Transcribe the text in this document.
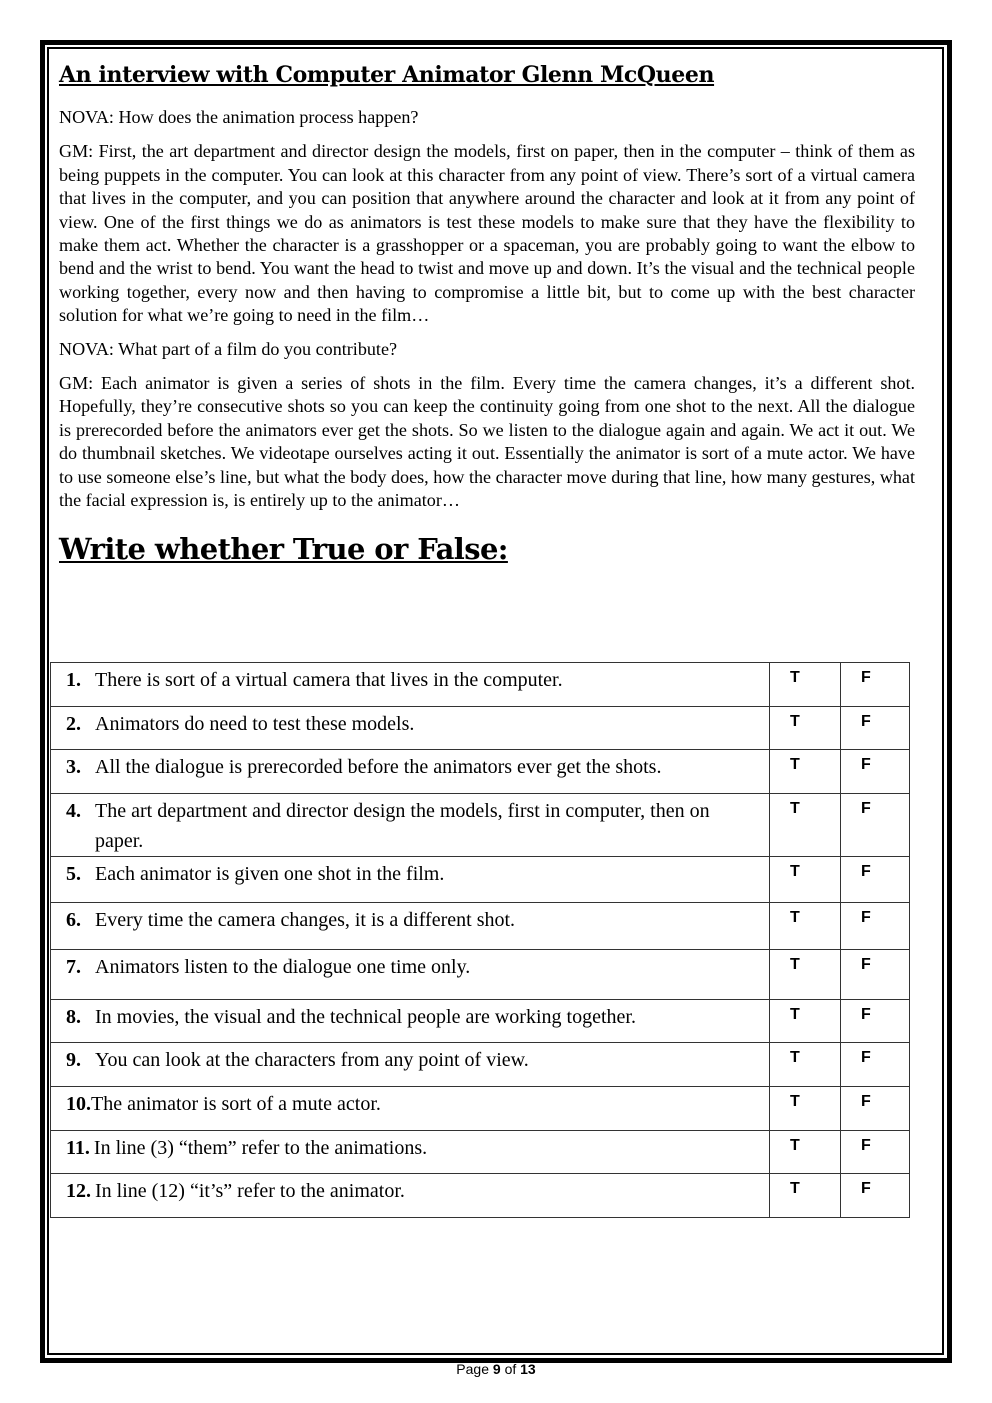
An interview with Computer Animator Glenn McQueen

NOVA: How does the animation process happen?

GM: First, the art department and director design the models, first on paper, then in the computer – think of them as being puppets in the computer. You can look at this character from any point of view. There’s sort of a virtual camera that lives in the computer, and you can position that anywhere around the character and look at it from any point of view. One of the first things we do as animators is test these models to make sure that they have the flexibility to make them act. Whether the character is a grasshopper or a spaceman, you are probably going to want the elbow to bend and the wrist to bend. You want the head to twist and move up and down. It’s the visual and the technical people working together, every now and then having to compromise a little bit, but to come up with the best character solution for what we’re going to need in the film…

NOVA: What part of a film do you contribute?

GM: Each animator is given a series of shots in the film. Every time the camera changes, it’s a different shot. Hopefully, they’re consecutive shots so you can keep the continuity going from one shot to the next. All the dialogue is prerecorded before the animators ever get the shots. So we listen to the dialogue again and again. We act it out. We do thumbnail sketches. We videotape ourselves acting it out. Essentially the animator is sort of a mute actor. We have to use someone else’s line, but what the body does, how the character move during that line, how many gestures, what the facial expression is, is entirely up to the animator…

Write whether True or False:
1. There is sort of a virtual camera that lives in the computer.	T	F
2. Animators do need to test these models.	T	F
3. All the dialogue is prerecorded before the animators ever get the shots.	T	F
4. The art department and director design the models, first in computer, then on paper.	T	F
5. Each animator is given one shot in the film.	T	F
6. Every time the camera changes, it is a different shot.	T	F
7. Animators listen to the dialogue one time only.	T	F
8. In movies, the visual and the technical people are working together.	T	F
9. You can look at the characters from any point of view.	T	F
10.The animator is sort of a mute actor.	T	F
11. In line (3) “them” refer to the animations.	T	F
12. In line (12) “it’s” refer to the animator.	T	F
Page 9 of 13
